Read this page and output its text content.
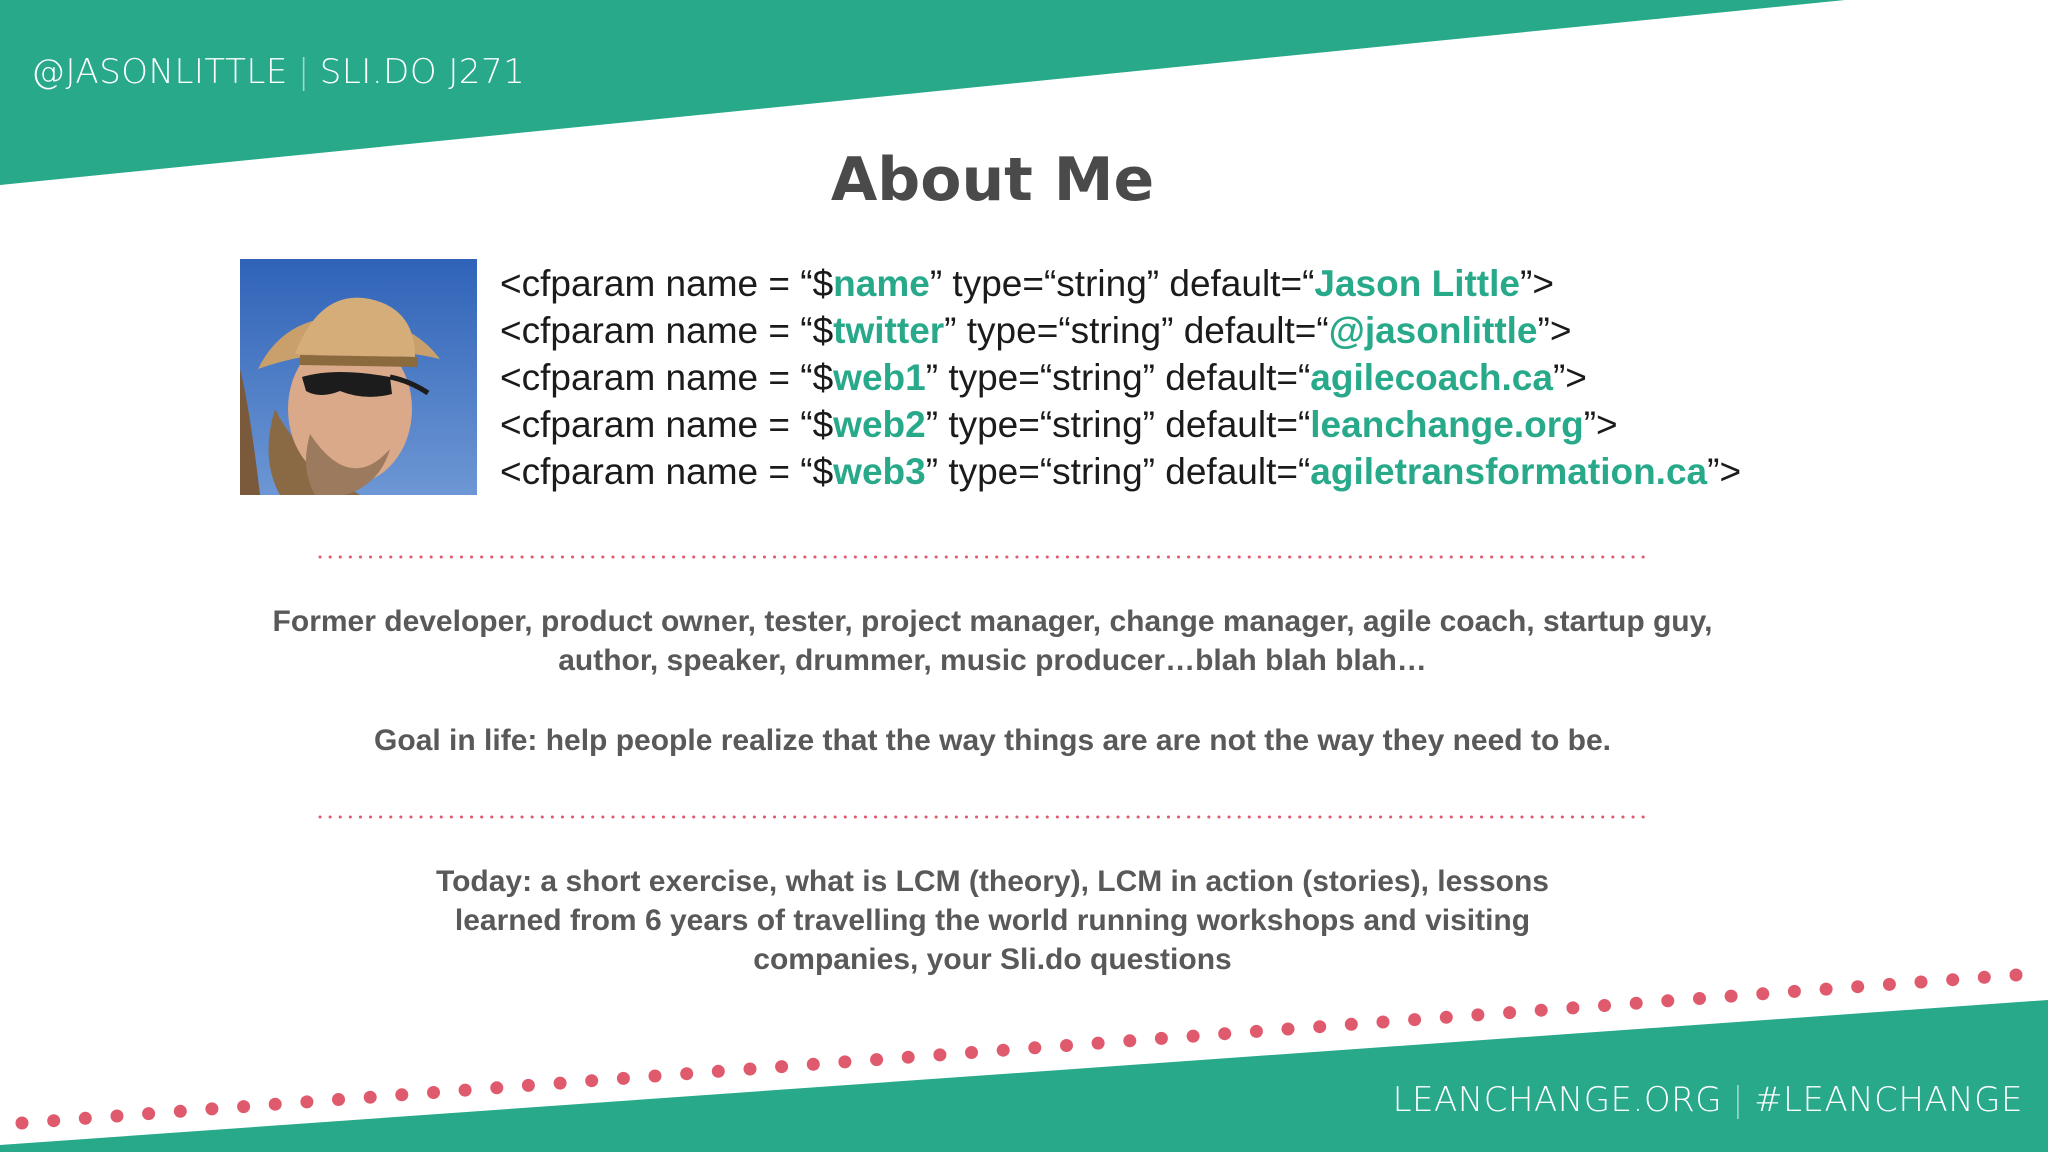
@JASONLITTLE | SLI.DO J271
About Me
<cfparam name = “$name” type=“string” default=“Jason Little”>
<cfparam name = “$twitter” type=“string” default=“@jasonlittle”>
<cfparam name = “$web1” type=“string” default=“agilecoach.ca”>
<cfparam name = “$web2” type=“string” default=“leanchange.org”>
<cfparam name = “$web3” type=“string” default=“agiletransformation.ca”>
Former developer, product owner, tester, project manager, change manager, agile coach, startup guy,
author, speaker, drummer, music producer…blah blah blah…
Goal in life: help people realize that the way things are are not the way they need to be.
Today: a short exercise, what is LCM (theory), LCM in action (stories), lessons
learned from 6 years of travelling the world running workshops and visiting
companies, your Sli.do questions
LEANCHANGE.ORG | #LEANCHANGE
